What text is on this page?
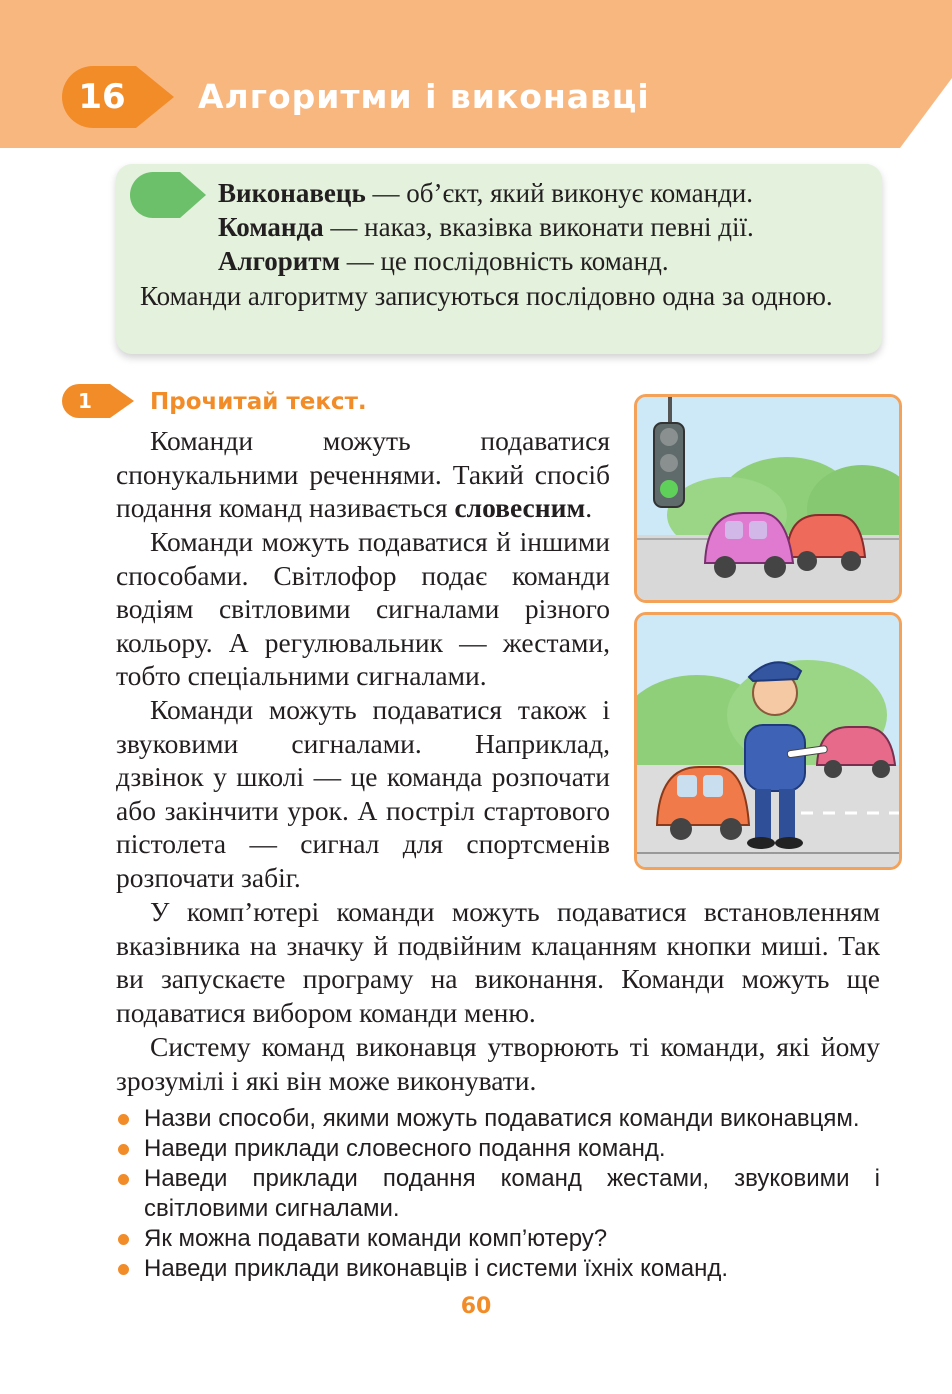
16	Алгоритми і виконавці
Виконавець — об’єкт, який виконує команди.
Команда — наказ, вказівка виконати певні дії.
Алгоритм — це послідовність команд.
Команди алгоритму записуються послідовно одна за одною.
1	Прочитай текст.
Команди можуть подаватися спонукальними реченнями. Такий спосіб подання команд називається словесним.
Команди можуть подаватися й іншими способами. Світлофор подає команди водіям світловими сигналами різного кольору. А регулювальник — жестами, тобто спеціальними сигналами.
Команди можуть подаватися також і звуковими сигналами. Наприклад, дзвінок у школі — це команда розпочати або закінчити урок. А постріл стартового пістолета — сигнал для спортсменів розпочати забіг.
У комп’ютері команди можуть подаватися встановленням вказівника на значку й подвійним клацанням кнопки миші. Так ви запускаєте програму на виконання. Команди можуть ще подаватися вибором команди меню.
Систему команд виконавця утворюють ті команди, які йому зрозумілі і які він може виконувати.
Назви способи, якими можуть подаватися команди виконавцям.
Наведи приклади словесного подання команд.
Наведи приклади подання команд жестами, звуковими і світловими сигналами.
Як можна подавати команди комп’ютеру?
Наведи приклади виконавців і системи їхніх команд.
60
